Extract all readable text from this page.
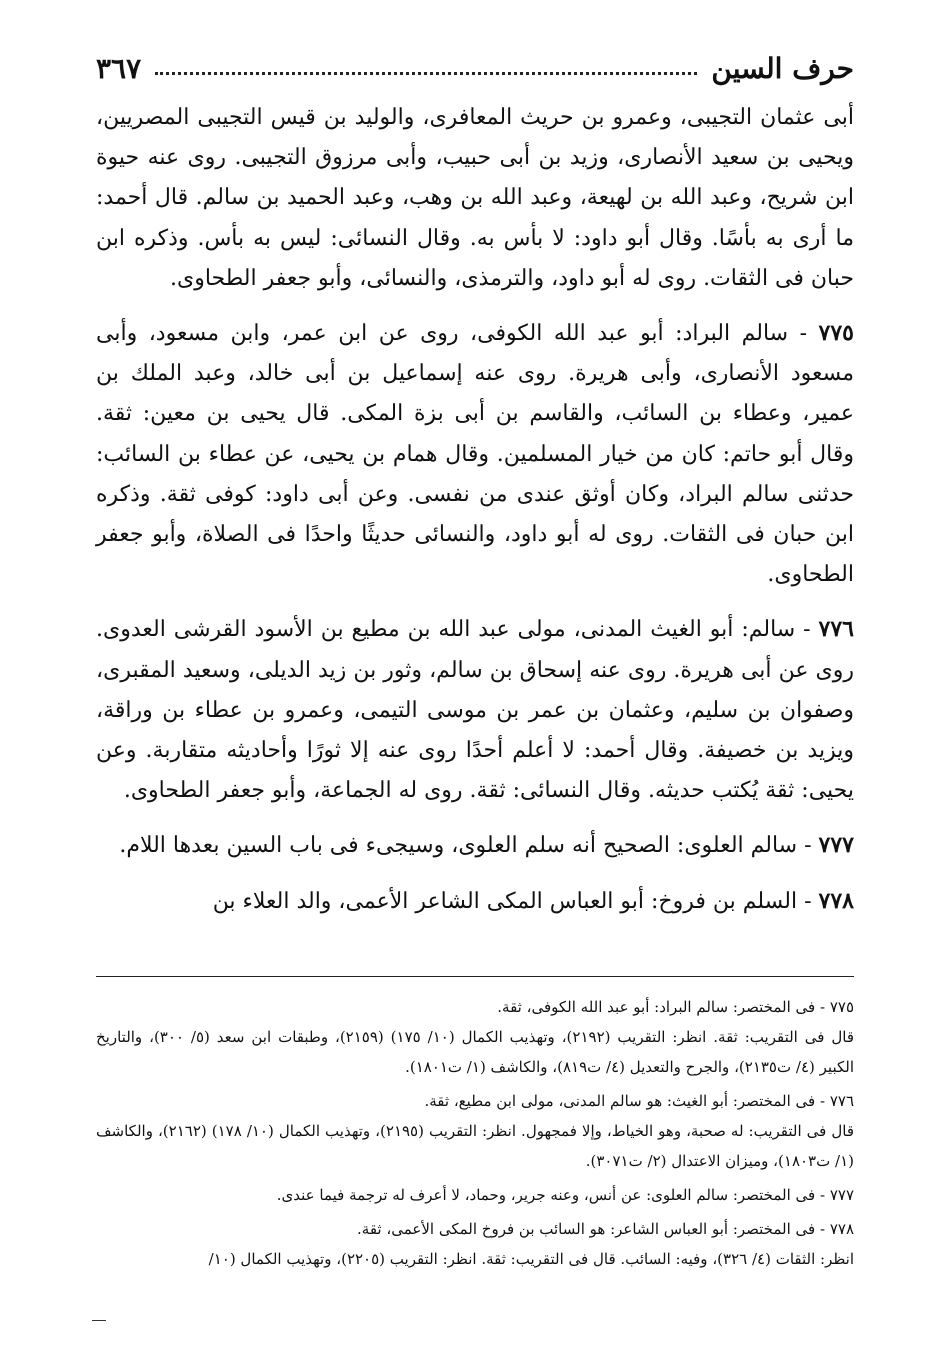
حرف السين
٣٦٧

أبى عثمان التجيبى، وعمرو بن حريث المعافرى، والوليد بن قيس التجيبى المصريين، ويحيى بن سعيد الأنصارى، وزيد بن أبى حبيب، وأبى مرزوق التجيبى. روى عنه حيوة ابن شريح، وعبد الله بن لهيعة، وعبد الله بن وهب، وعبد الحميد بن سالم. قال أحمد: ما أرى به بأسًا. وقال أبو داود: لا بأس به. وقال النسائى: ليس به بأس. وذكره ابن حبان فى الثقات. روى له أبو داود، والترمذى، والنسائى، وأبو جعفر الطحاوى.

٧٧٥ - سالم البراد: أبو عبد الله الكوفى، روى عن ابن عمر، وابن مسعود، وأبى مسعود الأنصارى، وأبى هريرة. روى عنه إسماعيل بن أبى خالد، وعبد الملك بن عمير، وعطاء بن السائب، والقاسم بن أبى بزة المكى. قال يحيى بن معين: ثقة. وقال أبو حاتم: كان من خيار المسلمين. وقال همام بن يحيى، عن عطاء بن السائب: حدثنى سالم البراد، وكان أوثق عندى من نفسى. وعن أبى داود: كوفى ثقة. وذكره ابن حبان فى الثقات. روى له أبو داود، والنسائى حديثًا واحدًا فى الصلاة، وأبو جعفر الطحاوى.

٧٧٦ - سالم: أبو الغيث المدنى، مولى عبد الله بن مطيع بن الأسود القرشى العدوى. روى عن أبى هريرة. روى عنه إسحاق بن سالم، وثور بن زيد الديلى، وسعيد المقبرى، وصفوان بن سليم، وعثمان بن عمر بن موسى التيمى، وعمرو بن عطاء بن وراقة، ويزيد بن خصيفة. وقال أحمد: لا أعلم أحدًا روى عنه إلا ثورًا وأحاديثه متقاربة. وعن يحيى: ثقة يُكتب حديثه. وقال النسائى: ثقة. روى له الجماعة، وأبو جعفر الطحاوى.

٧٧٧ - سالم العلوى: الصحيح أنه سلم العلوى، وسيجىء فى باب السين بعدها اللام.

٧٧٨ - السلم بن فروخ: أبو العباس المكى الشاعر الأعمى، والد العلاء بن

٧٧٥ - فى المختصر: سالم البراد: أبو عبد الله الكوفى، ثقة.

قال فى التقريب: ثقة. انظر: التقريب (٢١٩٢)، وتهذيب الكمال (١٠/ ١٧٥) (٢١٥٩)، وطبقات ابن سعد (٥/ ٣٠٠)، والتاريخ الكبير (٤/ ت٢١٣٥)، والجرح والتعديل (٤/ ت٨١٩)، والكاشف (١/ ت١٨٠١).

٧٧٦ - فى المختصر: أبو الغيث: هو سالم المدنى، مولى ابن مطيع، ثقة.

قال فى التقريب: له صحبة، وهو الخياط، وإلا فمجهول. انظر: التقريب (٢١٩٥)، وتهذيب الكمال (١٠/ ١٧٨) (٢١٦٢)، والكاشف (١/ ت١٨٠٣)، وميزان الاعتدال (٢/ ت٣٠٧١).

٧٧٧ - فى المختصر: سالم العلوى: عن أنس، وعنه جرير، وحماد، لا أعرف له ترجمة فيما عندى.

٧٧٨ - فى المختصر: أبو العباس الشاعر: هو السائب بن فروخ المكى الأعمى، ثقة.

انظر: الثقات (٤/ ٣٢٦)، وفيه: السائب. قال فى التقريب: ثقة. انظر: التقريب (٢٢٠٥)، وتهذيب الكمال (١٠/
